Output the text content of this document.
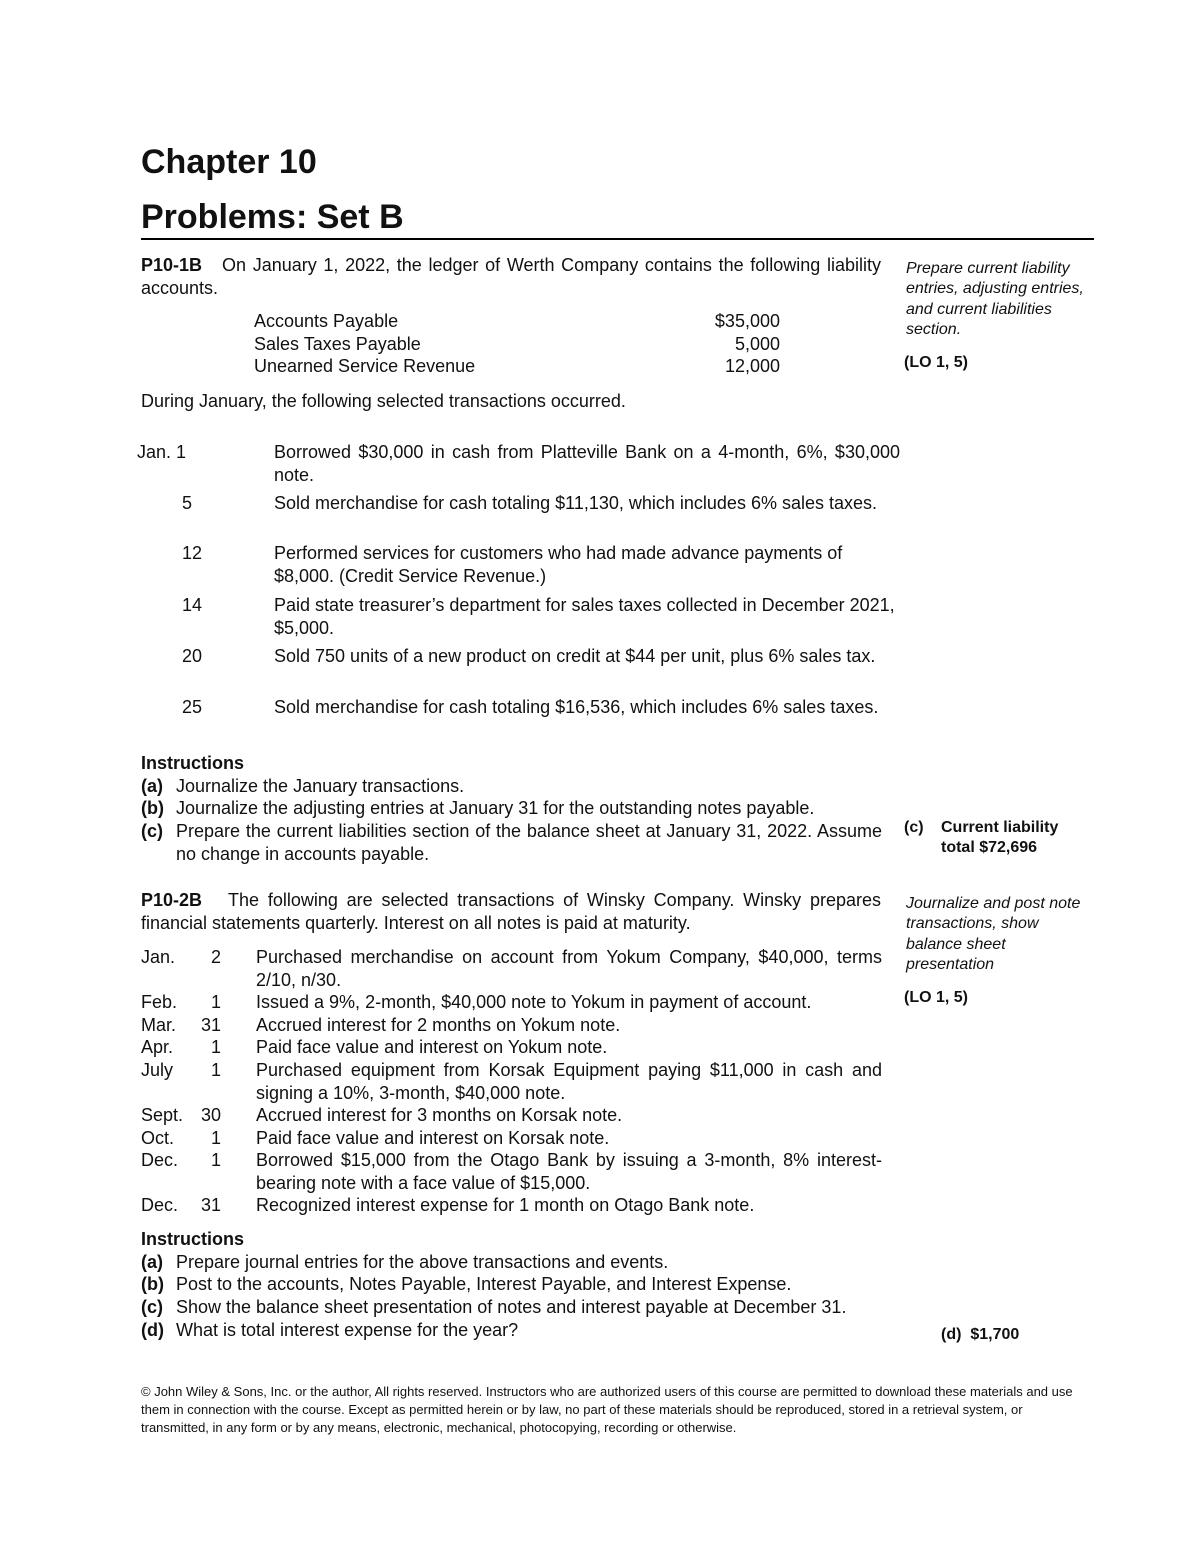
Chapter 10
Problems: Set B
P10-1B On January 1, 2022, the ledger of Werth Company contains the following liability accounts.
Prepare current liability entries, adjusting entries, and current liabilities section.
(LO 1, 5)
Accounts Payable	$35,000
Sales Taxes Payable	5,000
Unearned Service Revenue	12,000
During January, the following selected transactions occurred.
Jan. 1	Borrowed $30,000 in cash from Platteville Bank on a 4-month, 6%, $30,000 note.
5	Sold merchandise for cash totaling $11,130, which includes 6% sales taxes.
12	Performed services for customers who had made advance payments of $8,000. (Credit Service Revenue.)
14	Paid state treasurer’s department for sales taxes collected in December 2021, $5,000.
20	Sold 750 units of a new product on credit at $44 per unit, plus 6% sales tax.
25	Sold merchandise for cash totaling $16,536, which includes 6% sales taxes.
Instructions
(a) Journalize the January transactions.
(b) Journalize the adjusting entries at January 31 for the outstanding notes payable.
(c) Prepare the current liabilities section of the balance sheet at January 31, 2022. Assume no change in accounts payable.
(c) Current liability
total $72,696
P10-2B The following are selected transactions of Winsky Company. Winsky prepares financial statements quarterly. Interest on all notes is paid at maturity.
Journalize and post note transactions, show balance sheet presentation
(LO 1, 5)
Jan.	2 Purchased merchandise on account from Yokum Company, $40,000, terms 2/10, n/30.
Feb.	1 Issued a 9%, 2-month, $40,000 note to Yokum in payment of account.
Mar.	31 Accrued interest for 2 months on Yokum note.
Apr.	1 Paid face value and interest on Yokum note.
July	1 Purchased equipment from Korsak Equipment paying $11,000 in cash and signing a 10%, 3-month, $40,000 note.
Sept. 30 Accrued interest for 3 months on Korsak note.
Oct.	1 Paid face value and interest on Korsak note.
Dec.	1 Borrowed $15,000 from the Otago Bank by issuing a 3-month, 8% interest-bearing note with a face value of $15,000.
Dec.	31 Recognized interest expense for 1 month on Otago Bank note.
Instructions
(a) Prepare journal entries for the above transactions and events.
(b) Post to the accounts, Notes Payable, Interest Payable, and Interest Expense.
(c) Show the balance sheet presentation of notes and interest payable at December 31.
(d) What is total interest expense for the year?	(d)  $1,700
© John Wiley & Sons, Inc. or the author, All rights reserved. Instructors who are authorized users of this course are permitted to download these materials and use them in connection with the course. Except as permitted herein or by law, no part of these materials should be reproduced, stored in a retrieval system, or transmitted, in any form or by any means, electronic, mechanical, photocopying, recording or otherwise.
